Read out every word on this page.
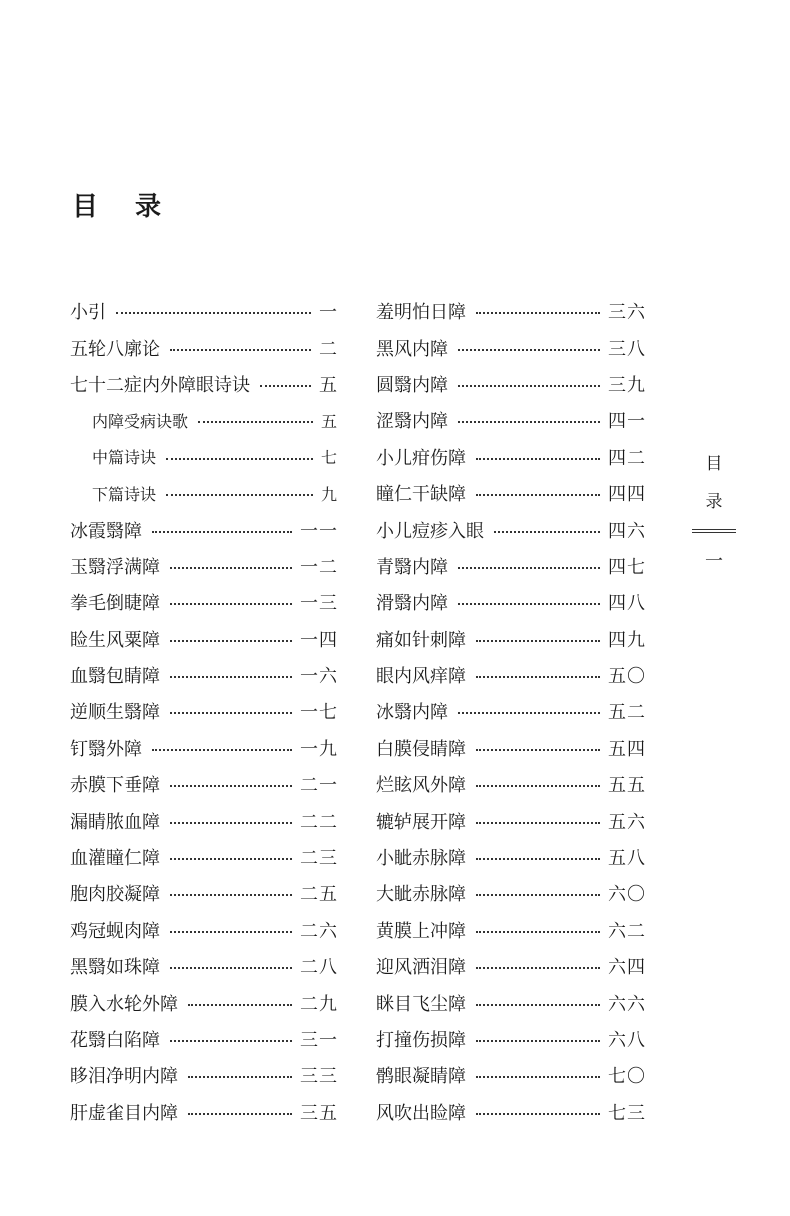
目 录
小引	一
五轮八廓论	二
七十二症内外障眼诗诀	五
内障受病诀歌	五
中篇诗诀	七
下篇诗诀	九
冰霞翳障	一一
玉翳浮满障	一二
拳毛倒睫障	一三
睑生风粟障	一四
血翳包睛障	一六
逆顺生翳障	一七
钉翳外障	一九
赤膜下垂障	二一
漏睛脓血障	二二
血灌瞳仁障	二三
胞肉胶凝障	二五
鸡冠蚬肉障	二六
黑翳如珠障	二八
膜入水轮外障	二九
花翳白陷障	三一
眵泪净明内障	三三
肝虚雀目内障	三五
羞明怕日障	三六
黑风内障	三八
圆翳内障	三九
涩翳内障	四一
小儿疳伤障	四二
瞳仁干缺障	四四
小儿痘疹入眼	四六
青翳内障	四七
滑翳内障	四八
痛如针刺障	四九
眼内风痒障	五〇
冰翳内障	五二
白膜侵睛障	五四
烂眩风外障	五五
辘轳展开障	五六
小眦赤脉障	五八
大眦赤脉障	六〇
黄膜上冲障	六二
迎风洒泪障	六四
眯目飞尘障	六六
打撞伤损障	六八
鹘眼凝睛障	七〇
风吹出睑障	七三
目
录
一
